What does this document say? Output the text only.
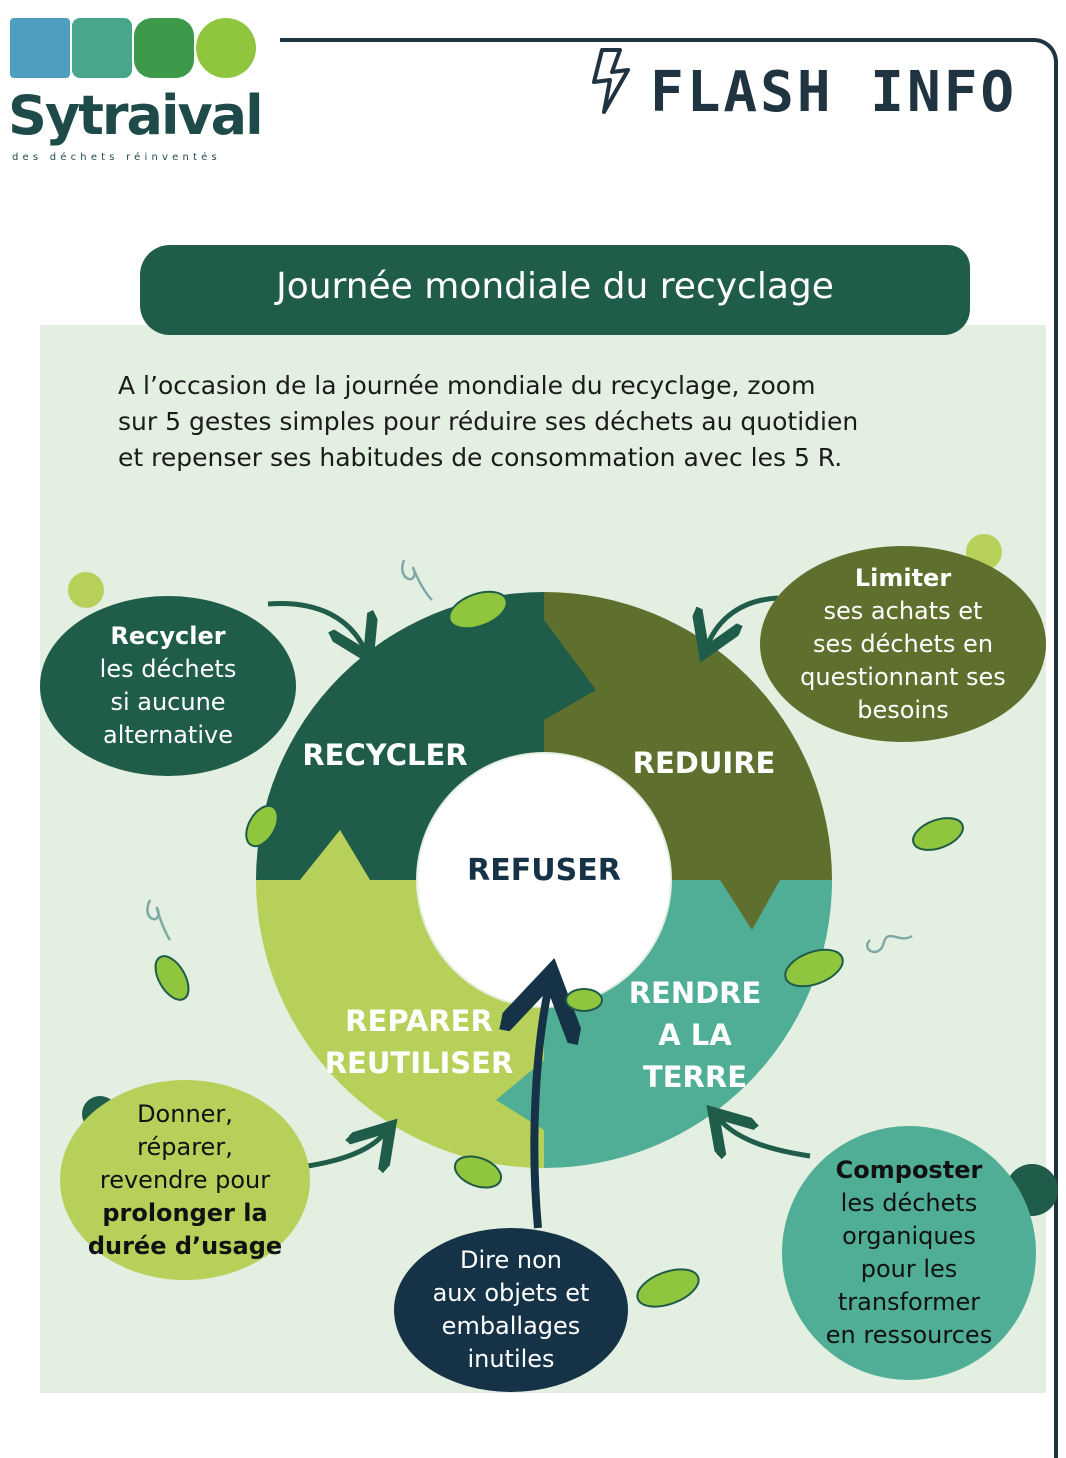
Sytraival
des déchets réinventés
FLASH INFO
Journée mondiale du recyclage
A l’occasion de la journée mondiale du recyclage, zoom
sur 5 gestes simples pour réduire ses déchets au quotidien
et repenser ses habitudes de consommation avec les 5 R.
RECYCLER	REDUIRE
RENDRE
A LA
TERRE
REPARER
REUTILISER
REFUSER
Recycler
les déchets
si aucune
alternative
Limiter
ses achats et
ses déchets en
questionnant ses
besoins
Donner,
réparer,
revendre pour
prolonger la
durée d’usage
Dire non
aux objets et
emballages
inutiles
Composter
les déchets
organiques
pour les
transformer
en ressources
